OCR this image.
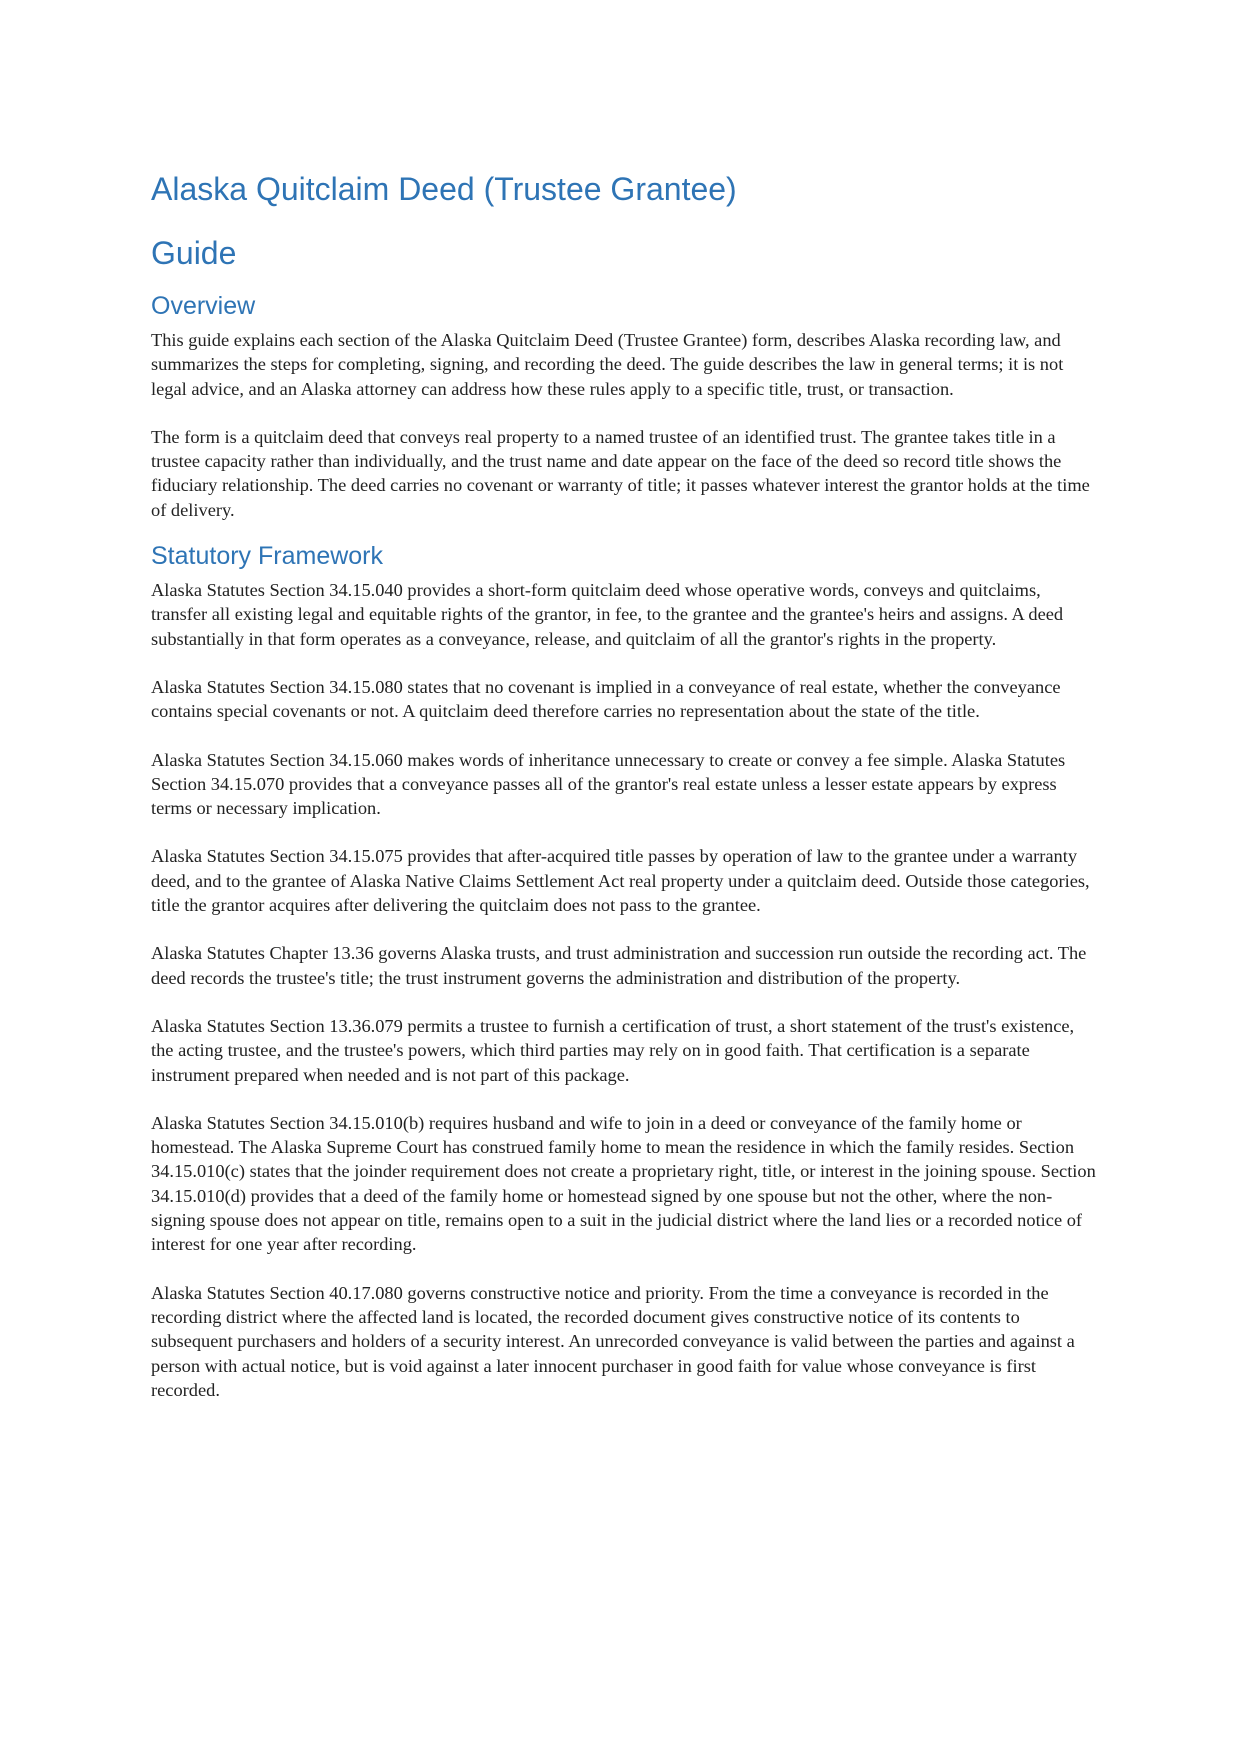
Alaska Quitclaim Deed (Trustee Grantee)
Guide
Overview

This guide explains each section of the Alaska Quitclaim Deed (Trustee Grantee) form, describes Alaska recording law, and summarizes the steps for completing, signing, and recording the deed. The guide describes the law in general terms; it is not legal advice, and an Alaska attorney can address how these rules apply to a specific title, trust, or transaction.

The form is a quitclaim deed that conveys real property to a named trustee of an identified trust. The grantee takes title in a trustee capacity rather than individually, and the trust name and date appear on the face of the deed so record title shows the fiduciary relationship. The deed carries no covenant or warranty of title; it passes whatever interest the grantor holds at the time of delivery.

Statutory Framework

Alaska Statutes Section 34.15.040 provides a short-form quitclaim deed whose operative words, conveys and quitclaims, transfer all existing legal and equitable rights of the grantor, in fee, to the grantee and the grantee's heirs and assigns. A deed substantially in that form operates as a conveyance, release, and quitclaim of all the grantor's rights in the property.

Alaska Statutes Section 34.15.080 states that no covenant is implied in a conveyance of real estate, whether the conveyance contains special covenants or not. A quitclaim deed therefore carries no representation about the state of the title.

Alaska Statutes Section 34.15.060 makes words of inheritance unnecessary to create or convey a fee simple. Alaska Statutes Section 34.15.070 provides that a conveyance passes all of the grantor's real estate unless a lesser estate appears by express terms or necessary implication.

Alaska Statutes Section 34.15.075 provides that after-acquired title passes by operation of law to the grantee under a warranty deed, and to the grantee of Alaska Native Claims Settlement Act real property under a quitclaim deed. Outside those categories, title the grantor acquires after delivering the quitclaim does not pass to the grantee.

Alaska Statutes Chapter 13.36 governs Alaska trusts, and trust administration and succession run outside the recording act. The deed records the trustee's title; the trust instrument governs the administration and distribution of the property.

Alaska Statutes Section 13.36.079 permits a trustee to furnish a certification of trust, a short statement of the trust's existence, the acting trustee, and the trustee's powers, which third parties may rely on in good faith. That certification is a separate instrument prepared when needed and is not part of this package.

Alaska Statutes Section 34.15.010(b) requires husband and wife to join in a deed or conveyance of the family home or homestead. The Alaska Supreme Court has construed family home to mean the residence in which the family resides. Section 34.15.010(c) states that the joinder requirement does not create a proprietary right, title, or interest in the joining spouse. Section 34.15.010(d) provides that a deed of the family home or homestead signed by one spouse but not the other, where the non-signing spouse does not appear on title, remains open to a suit in the judicial district where the land lies or a recorded notice of interest for one year after recording.

Alaska Statutes Section 40.17.080 governs constructive notice and priority. From the time a conveyance is recorded in the recording district where the affected land is located, the recorded document gives constructive notice of its contents to subsequent purchasers and holders of a security interest. An unrecorded conveyance is valid between the parties and against a person with actual notice, but is void against a later innocent purchaser in good faith for value whose conveyance is first recorded.
